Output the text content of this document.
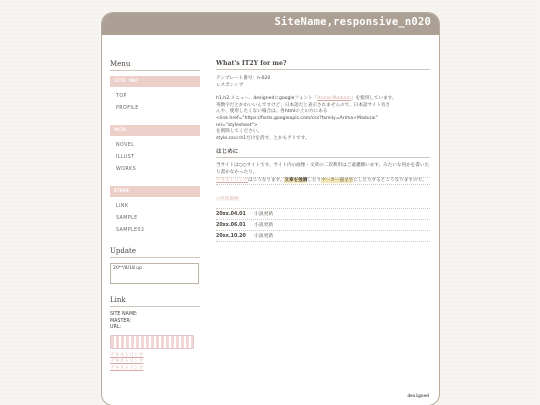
SiteName,responsive_n020
Menu
SITE MAP
TOP
PROFILE
MAIN
NOVEL
ILLUST
WORKS
OTHER
LINK
SAMPLE
SAMPLE02
Update
20**/8/18 up
Link
SITE NAME:
MASTER:
URL:
テキストリンク
テキストリンク
テキストリンク
What's IT2Y for me?
テンプレート番号：n-020
レスポンシブ
h1,h2,メニュー、designedにgoogleフォント「Arima Madurai」を使用しています。
英数字だとかわいいんですけど、日本語だと表示されませんので、日本語サイト名さ
んや、使用したくない場合は、各htmlの上の方にある
<link href="https://fonts.googleapis.com/css?family=Arima+Madurai"
rel="stylesheet">
を削除してください。
style.cssのh1だけを消す、とかもアリです。
はじめに
当サイトは○○サイトです。サイト内の画像・文章の二次利用はご遠慮願います。みたいな何かを書いたり書かなかったり。
テキストリンクはこうなります。文章を強調したりマーカー風文字にしたりするとこうなりますので。
◇更新履歴
20xx.04.01	小説更新
20xx.06.01	小説更新
20xx.10.20	小説更新
designed
